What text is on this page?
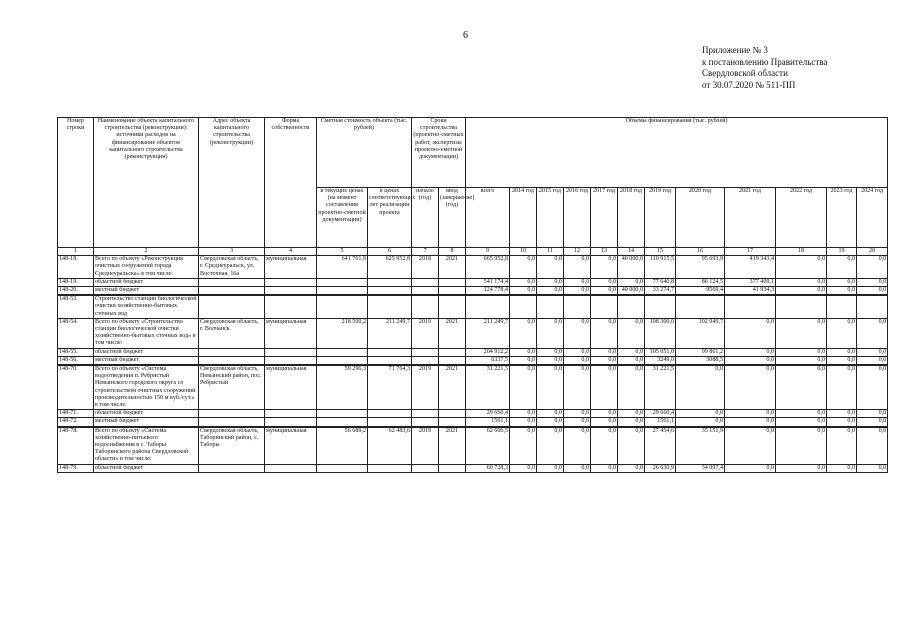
6
Приложение № 3
к постановлению Правительства
Свердловской области
от 30.07.2020 № 511-ПП
Номер строки	Наименование объекта капитального строительства (реконструкции)/источники расходов на финансирование объектов капитального строительства (реконструкции)	Адрес объекта капитального строительства (реконструкции)	Форма собственности	Сметная стоимость объекта (тыс. рублей)		Сроки строительства (проектно-сметных работ, экспертизы проектно-сметной документации)		Объемы финансирования (тыс. рублей)											
				в текущих ценах (на момент составления проектно-сметной документации)	в ценах соответствующих лет реализации проекта	начало (год)	ввод (завершение) (год)	всего	2014 год	2015 год	2016 год	2017 год	2018 год	2019 год	2020 год	2021 год	2022 год	2023 год	2024 год
1	2	3	4	5	6	7	8	9	10	11	12	13	14	15	16	17	18	19	20
148-18.	Всего по объекту «Реконструкция очистных сооружений города Среднеуральска» в том числе:	Свердловская область, г. Среднеуральск, ул. Восточная, 16а	муниципальная	641 761,9	625 952,8	2018	2021	665 952,8	0,0	0,0	0,0	0,0	40 000,0	110 915,5	95 693,9	419 343,4	0,0	0,0	0,0
148-19.	областной бюджет							541 174,4	0,0	0,0	0,0	0,0	0,0	77 640,8	86 124,5	377 409,1	0,0	0,0	0,0
148-20.	местный бюджет							124 778,4	0,0	0,0	0,0	0,0	40 000,0	33 274,7	9569,4	41 934,3	0,0	0,0	0,0
148-53.	Строительство станции биологической очистки хозяйственно-бытовых сточных вод																		
148-54.	Всего по объекту «Строительство станции биологической очистки хозяйственно-бытовых сточных вод» в том числе:	Свердловская область, г. Волчанск	муниципальная	218 500,2	211 249,7	2019	2021	211 249,7	0,0	0,0	0,0	0,0	0,0	108 300,0	102 949,7	0,0	0,0	0,0	0,0
148-55.	областной бюджет							204 912,2	0,0	0,0	0,0	0,0	0,0	105 051,0	99 861,2	0,0	0,0	0,0	0,0
148-56.	местный бюджет							6337,5	0,0	0,0	0,0	0,0	0,0	3249,0	3088,5	0,0	0,0	0,0	0,0
148-70.	Всего по объекту «Система водоотведения п. Ребристый Невьянского городского округа со строительством очистных сооружений производительностью 150 м куб./сут.» в том числе:	Свердловская область, Невьянский район, пос. Ребристый	муниципальная	59 296,3	71 764,3	2019	2021	31 221,5	0,0	0,0	0,0	0,0	0,0	31 221,5	0,0	0,0	0,0	0,0	0,0
148-71.	областной бюджет							29 660,4	0,0	0,0	0,0	0,0	0,0	29 660,4	0,0	0,0	0,0	0,0	0,0
148-72.	местный бюджет							1561,1	0,0	0,0	0,0	0,0	0,0	1561,1	0,0	0,0	0,0	0,0	0,0
148-78.	Всего по объекту «Система хозяйственно-питьевого водоснабжения в с. Таборы Таборинского района Свердловской области» в том числе:	Свердловская область, Таборинский район, с. Таборы	муниципальная	56 689,2	62 483,6	2019	2021	62 606,5	0,0	0,0	0,0	0,0	0,0	27 454,6	35 151,9	0,0	0,0	0,0	0,0
148-79.	областной бюджет							60 728,3	0,0	0,0	0,0	0,0	0,0	26 630,9	34 097,4	0,0	0,0	0,0	0,0
